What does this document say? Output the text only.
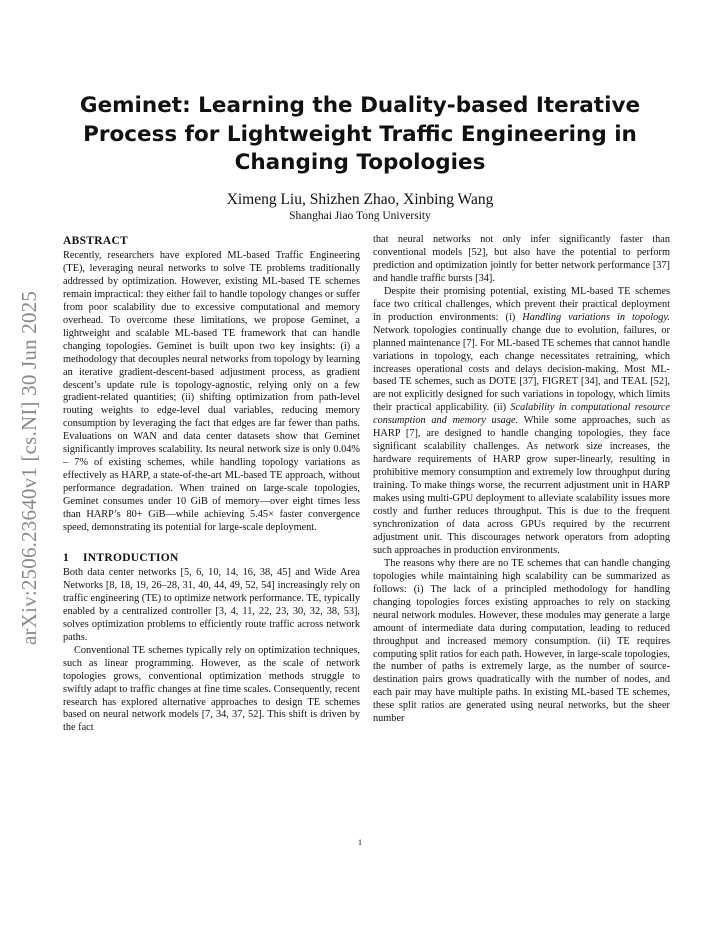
arXiv:2506.23640v1 [cs.NI] 30 Jun 2025
Geminet: Learning the Duality-based Iterative Process for Lightweight Traffic Engineering in Changing Topologies
Ximeng Liu, Shizhen Zhao, Xinbing Wang
Shanghai Jiao Tong University
ABSTRACT

Recently, researchers have explored ML-based Traffic Engineering (TE), leveraging neural networks to solve TE problems traditionally addressed by optimization. However, existing ML-based TE schemes remain impractical: they either fail to handle topology changes or suffer from poor scalability due to excessive computational and memory overhead. To overcome these limitations, we propose Geminet, a lightweight and scalable ML-based TE framework that can handle changing topologies. Geminet is built upon two key insights: (i) a methodology that decouples neural networks from topology by learning an iterative gradient-descent-based adjustment process, as gradient descent’s update rule is topology-agnostic, relying only on a few gradient-related quantities; (ii) shifting optimization from path-level routing weights to edge-level dual variables, reducing memory consumption by leveraging the fact that edges are far fewer than paths. Evaluations on WAN and data center datasets show that Geminet significantly improves scalability. Its neural network size is only 0.04% – 7% of existing schemes, while handling topology variations as effectively as HARP, a state-of-the-art ML-based TE approach, without performance degradation. When trained on large-scale topologies, Geminet consumes under 10 GiB of memory—over eight times less than HARP’s 80+ GiB—while achieving 5.45× faster convergence speed, demonstrating its potential for large-scale deployment.

1 INTRODUCTION

Both data center networks [5, 6, 10, 14, 16, 38, 45] and Wide Area Networks [8, 18, 19, 26–28, 31, 40, 44, 49, 52, 54] increasingly rely on traffic engineering (TE) to optimize network performance. TE, typically enabled by a centralized controller [3, 4, 11, 22, 23, 30, 32, 38, 53], solves optimization problems to efficiently route traffic across network paths.

Conventional TE schemes typically rely on optimization techniques, such as linear programming. However, as the scale of network topologies grows, conventional optimization methods struggle to swiftly adapt to traffic changes at fine time scales. Consequently, recent research has explored alternative approaches to design TE schemes based on neural network models [7, 34, 37, 52]. This shift is driven by the fact

that neural networks not only infer significantly faster than conventional models [52], but also have the potential to perform prediction and optimization jointly for better network performance [37] and handle traffic bursts [34].

Despite their promising potential, existing ML-based TE schemes face two critical challenges, which prevent their practical deployment in production environments: (i) Handling variations in topology. Network topologies continually change due to evolution, failures, or planned maintenance [7]. For ML-based TE schemes that cannot handle variations in topology, each change necessitates retraining, which increases operational costs and delays decision-making. Most ML-based TE schemes, such as DOTE [37], FIGRET [34], and TEAL [52], are not explicitly designed for such variations in topology, which limits their practical applicability. (ii) Scalability in computational resource consumption and memory usage. While some approaches, such as HARP [7], are designed to handle changing topologies, they face significant scalability challenges. As network size increases, the hardware requirements of HARP grow super-linearly, resulting in prohibitive memory consumption and extremely low throughput during training. To make things worse, the recurrent adjustment unit in HARP makes using multi-GPU deployment to alleviate scalability issues more costly and further reduces throughput. This is due to the frequent synchronization of data across GPUs required by the recurrent adjustment unit. This discourages network operators from adopting such approaches in production environments.

The reasons why there are no TE schemes that can handle changing topologies while maintaining high scalability can be summarized as follows: (i) The lack of a principled methodology for handling changing topologies forces existing approaches to rely on stacking neural network modules. However, these modules may generate a large amount of intermediate data during computation, leading to reduced throughput and increased memory consumption. (ii) TE requires computing split ratios for each path. However, in large-scale topologies, the number of paths is extremely large, as the number of source-destination pairs grows quadratically with the number of nodes, and each pair may have multiple paths. In existing ML-based TE schemes, these split ratios are generated using neural networks, but the sheer number

1
